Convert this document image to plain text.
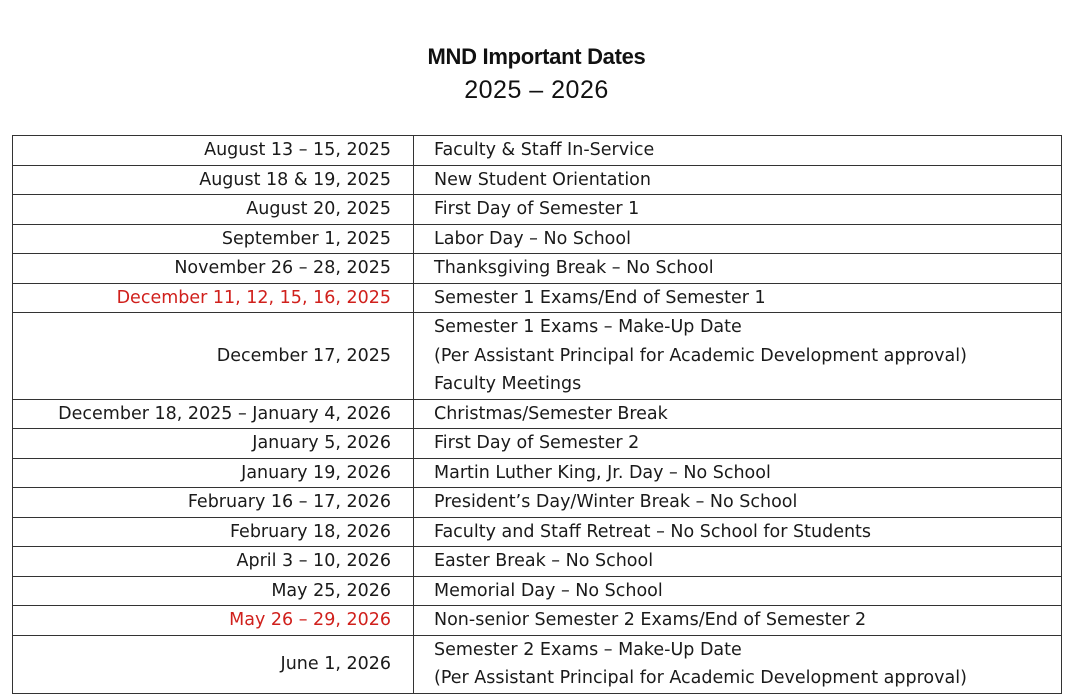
MND Important Dates
2025 – 2026
August 13 – 15, 2025	Faculty & Staff In-Service

August 18 & 19, 2025	New Student Orientation

August 20, 2025	First Day of Semester 1

September 1, 2025	Labor Day – No School

November 26 – 28, 2025	Thanksgiving Break – No School

December 11, 12, 15, 16, 2025	Semester 1 Exams/End of Semester 1

December 17, 2025	Semester 1 Exams – Make-Up Date
(Per Assistant Principal for Academic Development approval)
Faculty Meetings

December 18, 2025 – January 4, 2026	Christmas/Semester Break

January 5, 2026	First Day of Semester 2

January 19, 2026	Martin Luther King, Jr. Day – No School

February 16 – 17, 2026	President’s Day/Winter Break – No School

February 18, 2026	Faculty and Staff Retreat – No School for Students

April 3 – 10, 2026	Easter Break – No School

May 25, 2026	Memorial Day – No School

May 26 – 29, 2026	Non-senior Semester 2 Exams/End of Semester 2

June 1, 2026	Semester 2 Exams – Make-Up Date
(Per Assistant Principal for Academic Development approval)
